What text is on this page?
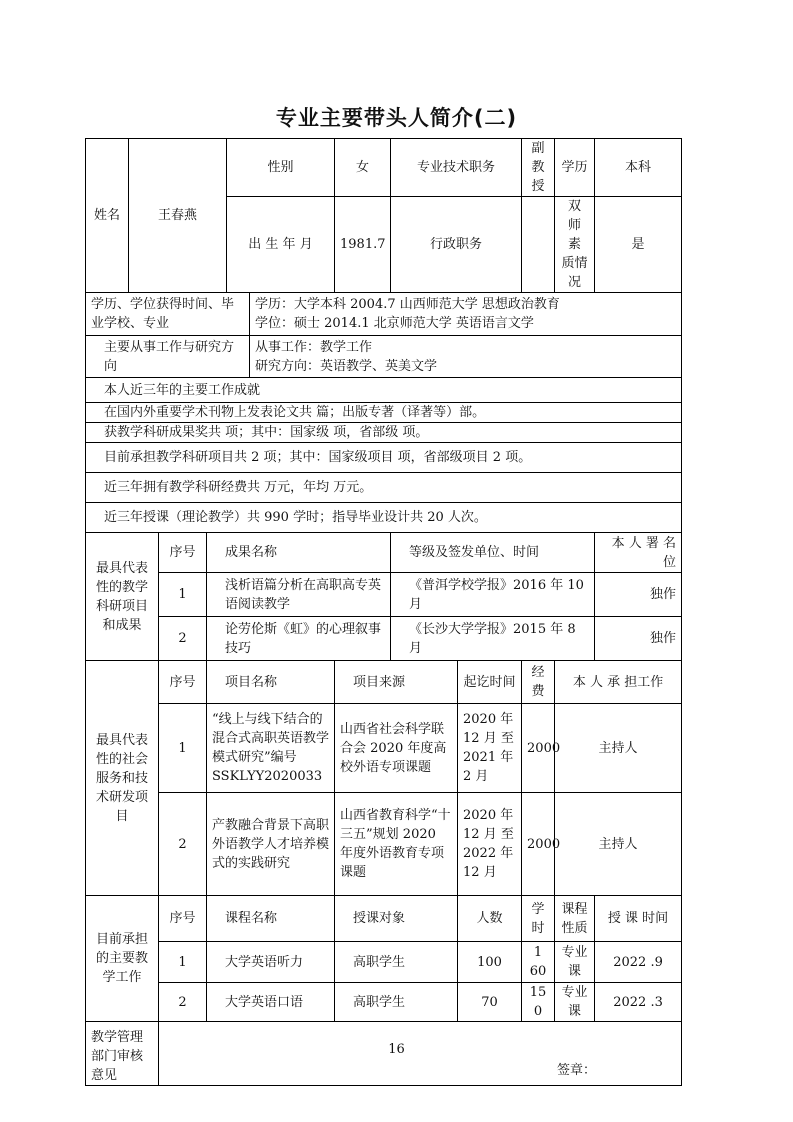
专业主要带头人简介(二)
姓名	王春燕			性别		女	专业技术职务		副教授	学历	本科
				出 生 年 月		1981.7	行政职务			双 师 素 质情况	是
学历、学位获得时间、毕业学校、专业					学历：大学本科 2004.7 山西师范大学 思想政治教育
学位：硕士 2014.1 北京师范大学 英语语言文学						

主要从事工作与研究方向					从事工作：教学工作
研究方向：英语教学、英美文学						

本人近三年的主要工作成就											
在国内外重要学术刊物上发表论文共 篇；出版专著（译著等）部。											
获教学科研成果奖共 项；其中：国家级 项，省部级 项。											
目前承担教学科研项目共 2 项；其中：国家级项目 项，省部级项目 2 项。											
近三年拥有教学科研经费共 万元，年均 万元。											
近三年授课（理论教学）共 990 学时；指导毕业设计共 20 人次。											
最具代表性的教学科研项目和成果		序号	成果名称				等级及签发单位、时间				本 人 署 名 位
		1	浅析语篇分析在高职高专英语阅读教学				《普洱学校学报》2016 年 10 月				独作
		2	论劳伦斯《虹》的心理叙事技巧				《长沙大学学报》2015 年 8 月				独作
最具代表性的社会服务和技术研发项目		序号	项目名称			项目来源		起讫时间	经 费	本 人 承 担工作	
		1	“线上与线下结合的混合式高职英语教学模式研究”编号 SSKLYY2020033			山西省社会科学联合会 2020 年度高校外语专项课题		2020 年 12 月 至 2021 年 2 月	2000	主持人	
		2	产教融合背景下高职外语教学人才培养模式的实践研究			山西省教育科学“十三五”规划 2020 年度外语教育专项课题		2020 年 12 月 至 2022 年 12 月	2000	主持人	
目前承担的主要教学工作		序号	课程名称			授课对象		人数	学 时	课程 性质	授 课 时间
		1	大学英语听力			高职学生		100	1 60	专业 课	2022 .9
		2	大学英语口语			高职学生		70	15 0	专业 课	2022 .3
教学管理部门审核意见		签章：									
16
